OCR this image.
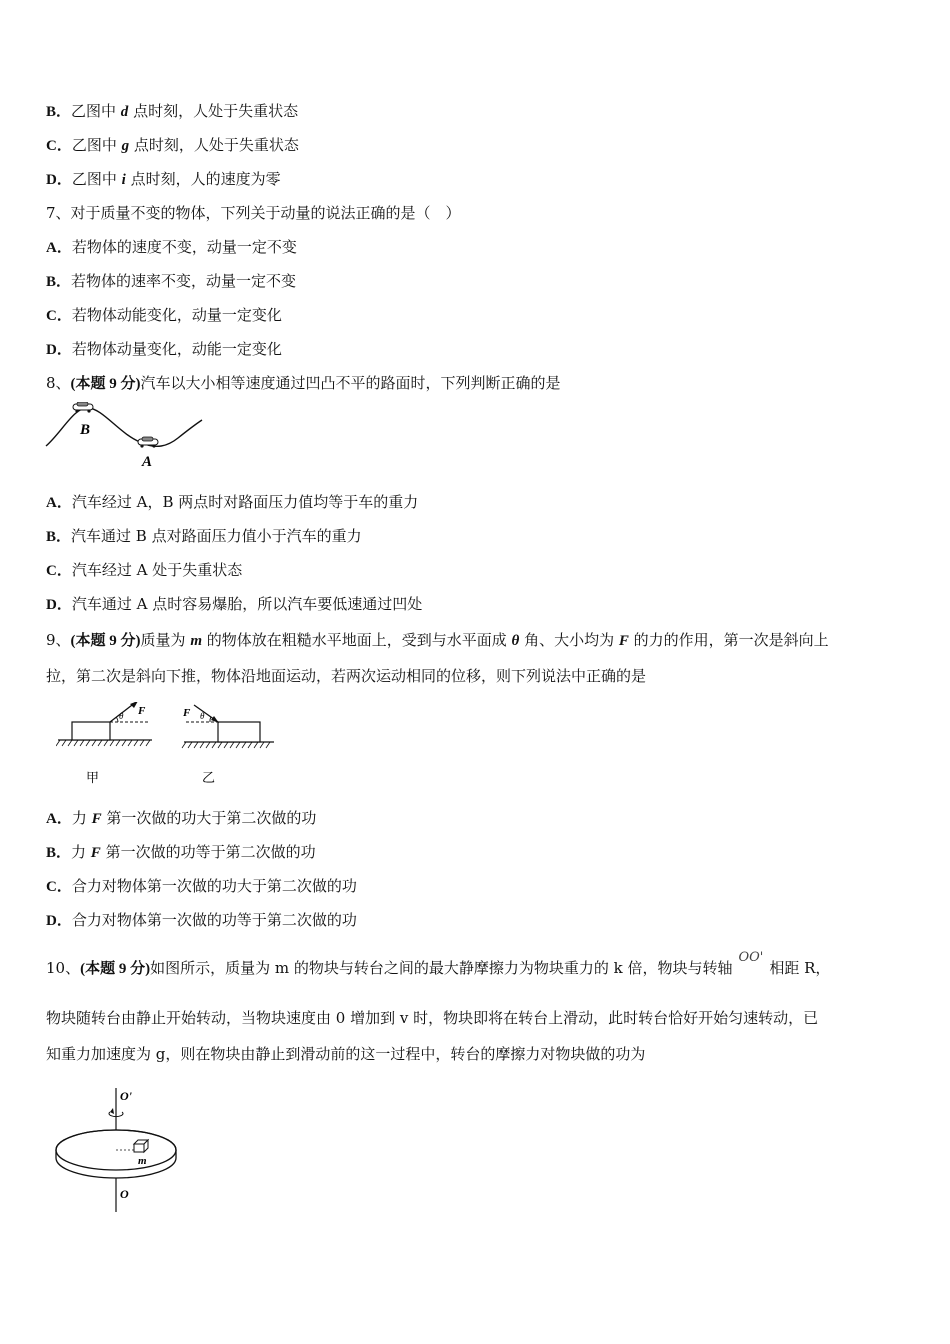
B．乙图中 d 点时刻，人处于失重状态
C．乙图中 g 点时刻，人处于失重状态
D．乙图中 i 点时刻，人的速度为零
7、对于质量不变的物体，下列关于动量的说法正确的是（　）
A．若物体的速度不变，动量一定不变
B．若物体的速率不变，动量一定不变
C．若物体动能变化，动量一定变化
D．若物体动量变化，动能一定变化
8、(本题 9 分)汽车以大小相等速度通过凹凸不平的路面时，下列判断正确的是
B
A
A．汽车经过 A，B 两点时对路面压力值均等于车的重力
B．汽车通过 B 点对路面压力值小于汽车的重力
C．汽车经过 A 处于失重状态
D．汽车通过 A 点时容易爆胎，所以汽车要低速通过凹处
9、(本题 9 分)质量为 m 的物体放在粗糙水平地面上，受到与水平面成 θ 角、大小均为 F 的力的作用，第一次是斜向上
拉，第二次是斜向下推，物体沿地面运动，若两次运动相同的位移，则下列说法中正确的是
F
θ
甲
F θ
乙
A．力 F 第一次做的功大于第二次做的功
B．力 F 第一次做的功等于第二次做的功
C．合力对物体第一次做的功大于第二次做的功
D．合力对物体第一次做的功等于第二次做的功
10、(本题 9 分)如图所示，质量为 m 的物块与转台之间的最大静摩擦力为物块重力的 k 倍，物块与转轴OO'相距 R，
物块随转台由静止开始转动，当物块速度由 0 增加到 v 时，物块即将在转台上滑动，此时转台恰好开始匀速转动，已
知重力加速度为 g，则在物块由静止到滑动前的这一过程中，转台的摩擦力对物块做的功为
O'
O
m
